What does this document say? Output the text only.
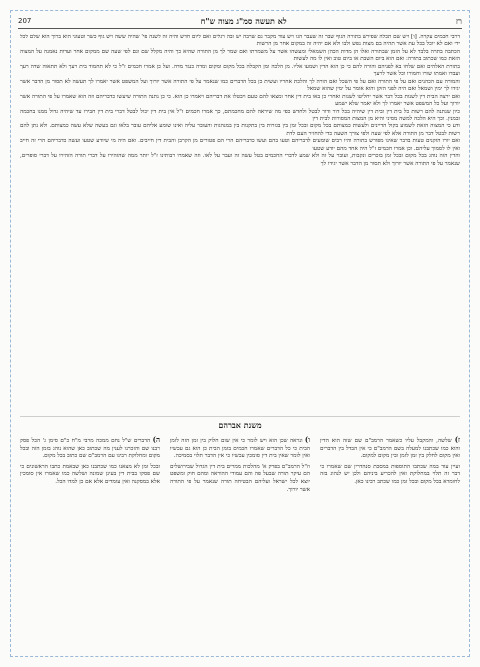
רז
לא תעשה סמ"ג מצוה ש"ח
207

דרבי חכמים עקרה. [ו] ויש שם תכלה שפירש בתורה הגוף שבר זה שעבר הגו ויש עוד מקבר גם שרבה יש ובה רגלים ואם ליום חדש והיה זה לשנה פי' שהיה ששה ויש גוף כשר וטעוני הוא ברוך הוא שלם לכל ידי ואם לא יוכל בכל עת אשר תהיה בם מצות נפש ולבו ולא אם יהיה זה במקום אחר מן הרשות

הכתבה בתרה בלבד לא על הזמן שבתורה ואלו הן מדות הכהן השמאלי ומעשהו אשר על משמרתו ואם שמר לך מן התורה שהיא כך והיה מקלל שם וגם לפי שעה שם ממקום אחר ועדות נאמנה על המצוה הזאת כמו שכתוב בתורה: ואם הוא ביום השבת או ביום טוב ואין לו מה לעשות

בתורת האלהים ואם שלחו בא לפניהם והורה להם כי כן הוא הדין ושמעו אליו. מן הלכה ומן הקבלה בכל מקום ומקום ומדה כנגד מדה. ועל כן אמרו חכמים ז"ל כי לא תחמוד בית רעך ולא תתאוה שדה רעך ועבדו ואמתו שורו וחמורו וכל אשר לרעך

והמורה עם הכהנים ואם על פי התורה ואם על פי השכל ואם הורה לך והלכת אחריו ועשית כן בכל הדברים כמו שנאמר על פי התורה אשר יורוך ועל המשפט אשר יאמרו לך תעשה לא תסור מן הדבר אשר יגידו לך ימין ושמאל ואם היה לפני הזקן והוא אומר על ימין שהוא שמאל

ואם ירצה הבית דין לשנות בכל דבר אשר יחליטו לשנות ואחרי כן באו בית דין אחר ומצאו להם טעם ויבטלו את דבריהם ויאמרו כן הוא. כי כן נתנה התורה שיעשו כדבריהם וזה הוא שאמרו על פי התורה אשר יורוך ועל כל המשפט אשר יאמרו לך ולא יאמר שלא ישמע

כיון שנתנה להם רשות כל בית דין ובית דין שיהיה בכל דור ודור לבטל ולחדש כפי מה שיראה להם מחכמתם, כך אמרו חכמים ז"ל אין בית דין יכול לבטל דברי בית דין חבירו עד שיהיה גדול ממנו בחכמה ובמנין. וכך היא הלכה למשה מסיני והיא מן המצות המסורות לבית דין

ודע כי המצוה הזאת לשמוע בקול הדיינים ולעשות כמצותם בכל מקום ובכל זמן בין בגזרות בין בתקנות בין במנהגות והעובר עליה ואינו שומע אליהם עובר בלאו וגם בעשה שלא עשה כמצותם. ולא נתן להם רשות לבטל דבר מן התורה אלא לפי שעה ולפי צורך השעה כדי להחזיר העם לדת

ואם יורו הזקנים טעות בדבר שאינו מפורש בתורה והיו רבים שומעים לדבריהם וטעו בהם ועשו כדבריהם הרי הם פטורים מן הקרבן והבית דין חייבים. ואם היה מי שיודע שטעו ועשה כדבריהם הרי זה חייב ואין לו לסמוך עליהם. וכן אמרו חכמים ז"ל היה אחד מהם יודע שטעו

והדין הזה נוהג בכל מקום ובכל זמן בזכרים ונקבות, ועובר על זה ולא שמע לדברי החכמים בטל עשה זה ועבר על לאו. וזה שאמרו רבותינו ז"ל יותר ממה שהזהירו על דברי תורה הזהירו על דברי סופרים, שנאמר על פי התורה אשר יורוך ולא תסור מן הדבר אשר יגידו לך

משנת אברהם

ה) הדברים ש"ל נחם ממכה מרבי מ"ח כ"ם סימן ג' הכל פסק רבנו שם והזכרנו לענין מה שכתוב כאן שהוא נוהג בזמן הזה ובכל מקום ומחלוקת רבינו עם הרמב"ם שם כתוב בכל מקום.

ובכל זמן לא מצאנו כמו שכתבנו כאן שבאמת כתבו הראשונים כי שם פסקו בבית דין בעינן שמונה ושלשה כמו שאמרו אין סומכין אלא במסקנה ואין עומדים אלא אם כן למדו הכל.

ו) ונראה שכן הוא ויש לומר כי אין שום חלוק בין זמן הזה לזמן הבית כי כל הדברים שאמרו חכמים בזמן הבית כן הוא גם עכשיו ואין לומר שאין בית דין סומכין עכשיו כי אין הדבר תלוי בסמיכה.

וז"ל הרמב"ם בפרק א' מהלכות ממרים בית דין הגדול שבירושלים הם עיקר תורה שבעל פה והם עמודי ההוראה ומהם חוק ומשפט יוצא לכל ישראל ועליהם הבטיחה תורה שנאמר על פי התורה אשר יורוך.

ז) שלשה, והמקבל עליו כשאמר הרמב"ם שם שזה הוא הדין והוא כמו שכתבנו למעלה בשם הרמב"ם כי אין הבדל בין הדברים ואין מקום לחלק בין זמן לזמן ובין מקום למקום.

ועיין עוד במה שכתבו התוספות במסכת סנהדרין שם שאמרו כי דבר זה תלוי במחלוקת ואין להכריע ביניהם ולכן יש לנהוג בזה לחומרא בכל מקום ובכל זמן כמו שכתב רבינו כאן.
